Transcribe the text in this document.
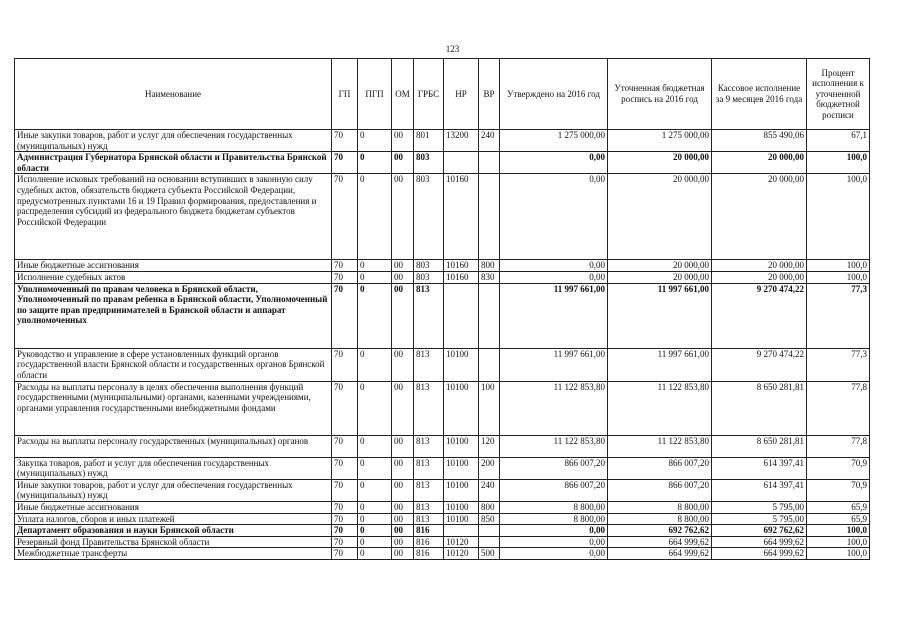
123
Наименование	ГП	ПГП	ОМ	ГРБС	НР	ВР	Утверждено на 2016 год	Уточненная бюджетная роспись на 2016 год	Кассовое исполнение за 9 месяцев 2016 года	Процент исполнения к уточненной бюджетной росписи
Иные закупки товаров, работ и услуг для обеспечения государственных (муниципальных) нужд	70	0	00	801	13200	240	1 275 000,00	1 275 000,00	855 490,06	67,1
Администрация Губернатора Брянской области и Правительства Брянской области	70	0	00	803			0,00	20 000,00	20 000,00	100,0
Исполнение исковых требований на основании вступивших в законную силу судебных актов, обязательств бюджета субъекта Российской Федерации, предусмотренных пунктами 16 и 19 Правил формирования, предоставления и распределения субсидий из федерального бюджета бюджетам субъектов Российской Федерации	70	0	00	803	10160		0,00	20 000,00	20 000,00	100,0
Иные бюджетные ассигнования	70	0	00	803	10160	800	0,00	20 000,00	20 000,00	100,0
Исполнение судебных актов	70	0	00	803	10160	830	0,00	20 000,00	20 000,00	100,0
Уполномоченный по правам человека в Брянской области, Уполномоченный по правам ребенка в Брянской области, Уполномоченный по защите прав предпринимателей в Брянской области и аппарат уполномоченных	70	0	00	813			11 997 661,00	11 997 661,00	9 270 474,22	77,3
Руководство и управление в сфере установленных функций органов государственной власти Брянской области и государственных органов Брянской области	70	0	00	813	10100		11 997 661,00	11 997 661,00	9 270 474,22	77,3
Расходы на выплаты персоналу в целях обеспечения выполнения функций государственными (муниципальными) органами, казенными учреждениями, органами управления государственными внебюджетными фондами	70	0	00	813	10100	100	11 122 853,80	11 122 853,80	8 650 281,81	77,8
Расходы на выплаты персоналу государственных (муниципальных) органов	70	0	00	813	10100	120	11 122 853,80	11 122 853,80	8 650 281,81	77,8
Закупка товаров, работ и услуг для обеспечения государственных (муниципальных) нужд	70	0	00	813	10100	200	866 007,20	866 007,20	614 397,41	70,9
Иные закупки товаров, работ и услуг для обеспечения государственных (муниципальных) нужд	70	0	00	813	10100	240	866 007,20	866 007,20	614 397,41	70,9
Иные бюджетные ассигнования	70	0	00	813	10100	800	8 800,00	8 800,00	5 795,00	65,9
Уплата налогов, сборов и иных платежей	70	0	00	813	10100	850	8 800,00	8 800,00	5 795,00	65,9
Департамент образования и науки Брянской области	70	0	00	816			0,00	692 762,62	692 762,62	100,0
Резервный фонд Правительства Брянской области	70	0	00	816	10120		0,00	664 999,62	664 999,62	100,0
Межбюджетные трансферты	70	0	00	816	10120	500	0,00	664 999,62	664 999,62	100,0
